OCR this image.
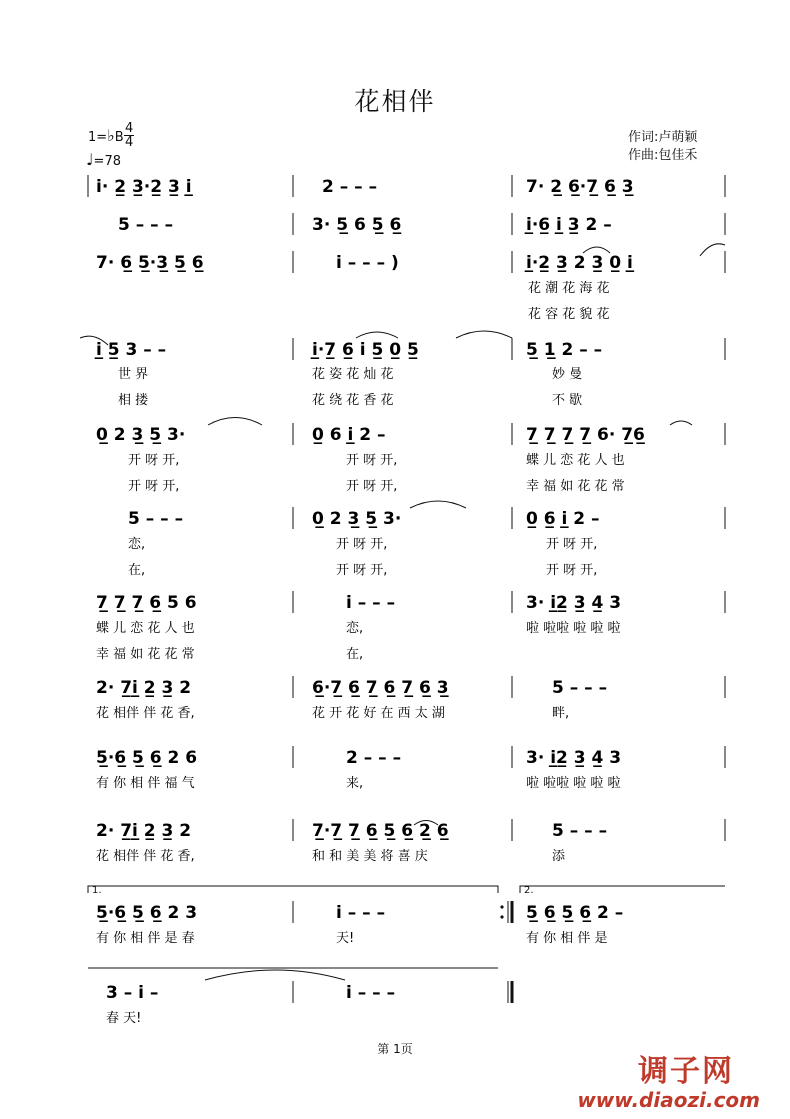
花相伴
1=♭B
4
4
♩=78
作词:卢萌颖
作曲:包佳禾
i· 2̲ 3̲·2̲ 3̲ i̲	2 – – –	7· 2̲ 6̲·7̲ 6̲ 3̲
5 – – –	3· 5̲ 6 5̲ 6̲	i̲·6̲ i̲ 3̲ 2 –
7· 6̲ 5̲·3̲ 5̲ 6̲	i – – – )	i̲·2̲ 3̲ 2 3̲ 0̲ i̲
i̲ 5̲ 3 – –	i̲·7̲ 6̲ i 5̲ 0̲ 5̲	5̲ 1̲ 2 – –
0̲ 2 3̲ 5̲ 3·	0̲ 6 i̲ 2 –	7̲ 7̲ 7̲ 7̲ 6· 7̲6̲
5 – – –	0̲ 2 3̲ 5̲ 3·	0̲ 6̲ i̲ 2 –
7̲ 7̲ 7̲ 6̲ 5 6	i – – –	3· i̲2̲ 3̲ 4̲ 3
2· 7̲i̲ 2̲ 3̲ 2	6̲·7̲ 6̲ 7̲ 6̲ 7̲ 6̲ 3̲	5 – – –
5̲·6̲ 5̲ 6̲ 2 6	2 – – –	3· i̲2̲ 3̲ 4̲ 3
2· 7̲i̲ 2̲ 3̲ 2	7̲·7̲ 7̲ 6̲ 5̲ 6̲ 2̲ 6̲	5 – – –
5̲·6̲ 5̲ 6̲ 2 3	i – – –	5̲ 6̲ 5̲ 6̲ 2 –
3 – i –	i – – –
花 潮 花 海 花
花 容 花 貌 花
世 界	花 姿 花 灿 花	妙 曼
相 搂	花 绕 花 香 花	不 歇
开 呀 开,	开 呀 开,	蝶 儿 恋 花 人 也
开 呀 开,	开 呀 开,	幸 福 如 花 花 常
恋,	开 呀 开,	开 呀 开,
在,	开 呀 开,	开 呀 开,
蝶 儿 恋 花 人 也	恋,	啦 啦啦 啦 啦 啦
幸 福 如 花 花 常	在,
花 相伴 伴 花 香,	花 开 花 好 在 西 太 湖	畔,
有 你 相 伴 福 气	来,	啦 啦啦 啦 啦 啦
花 相伴 伴 花 香,	和 和 美 美 将 喜 庆	添
有 你 相 伴 是 春	天!	有 你 相 伴 是
春 天!
1.	2.
第 1页
调子网
www.diaozi.com
